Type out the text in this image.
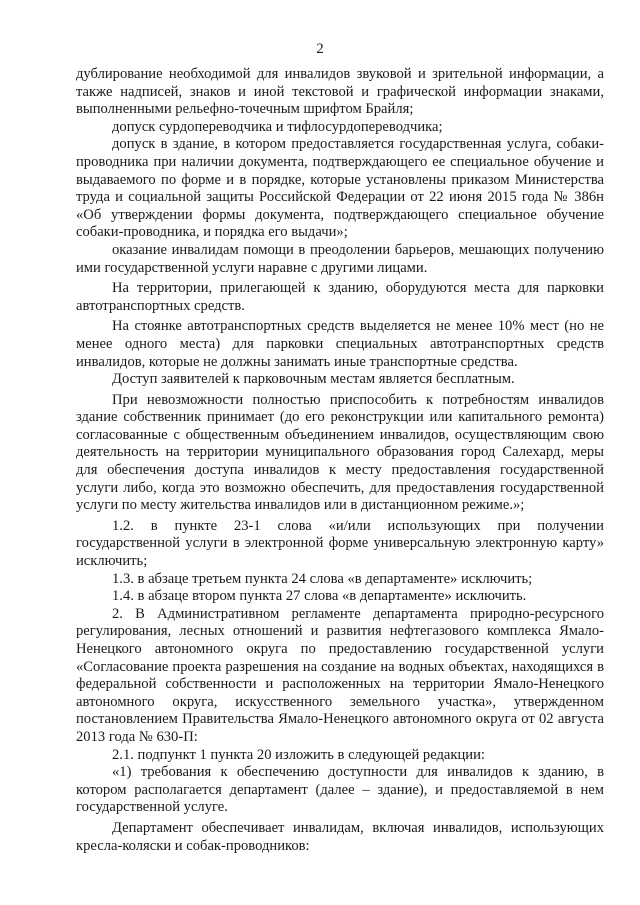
2

дублирование необходимой для инвалидов звуковой и зрительной информации, а также надписей, знаков и иной текстовой и графической информации знаками, выполненными рельефно-точечным шрифтом Брайля;

допуск сурдопереводчика и тифлосурдопереводчика;

допуск в здание, в котором предоставляется государственная услуга, собаки-проводника при наличии документа, подтверждающего ее специальное обучение и выдаваемого по форме и в порядке, которые установлены приказом Министерства труда и социальной защиты Российской Федерации от 22 июня 2015 года № 386н «Об утверждении формы документа, подтверждающего специальное обучение собаки-проводника, и порядка его выдачи»;

оказание инвалидам помощи в преодолении барьеров, мешающих получению ими государственной услуги наравне с другими лицами.

На территории, прилегающей к зданию, оборудуются места для парковки автотранспортных средств.

На стоянке автотранспортных средств выделяется не менее 10% мест (но не менее одного места) для парковки специальных автотранспортных средств инвалидов, которые не должны занимать иные транспортные средства.

Доступ заявителей к парковочным местам является бесплатным.

При невозможности полностью приспособить к потребностям инвалидов здание собственник принимает (до его реконструкции или капитального ремонта) согласованные с общественным объединением инвалидов, осуществляющим свою деятельность на территории муниципального образования город Салехард, меры для обеспечения доступа инвалидов к месту предоставления государственной услуги либо, когда это возможно обеспечить, для предоставления государственной услуги по месту жительства инвалидов или в дистанционном режиме.»;

1.2. в пункте 23-1 слова «и/или использующих при получении государственной услуги в электронной форме универсальную электронную карту» исключить;

1.3. в абзаце третьем пункта 24 слова «в департаменте» исключить;

1.4. в абзаце втором пункта 27 слова «в департаменте» исключить.

2. В Административном регламенте департамента природно-ресурсного регулирования, лесных отношений и развития нефтегазового комплекса Ямало-Ненецкого автономного округа по предоставлению государственной услуги «Согласование проекта разрешения на создание на водных объектах, находящихся в федеральной собственности и расположенных на территории Ямало-Ненецкого автономного округа, искусственного земельного участка», утвержденном постановлением Правительства Ямало-Ненецкого автономного округа от 02 августа 2013 года № 630-П:

2.1. подпункт 1 пункта 20 изложить в следующей редакции:

«1) требования к обеспечению доступности для инвалидов к зданию, в котором располагается департамент (далее – здание), и предоставляемой в нем государственной услуге.

Департамент обеспечивает инвалидам, включая инвалидов, использующих кресла-коляски и собак-проводников:
